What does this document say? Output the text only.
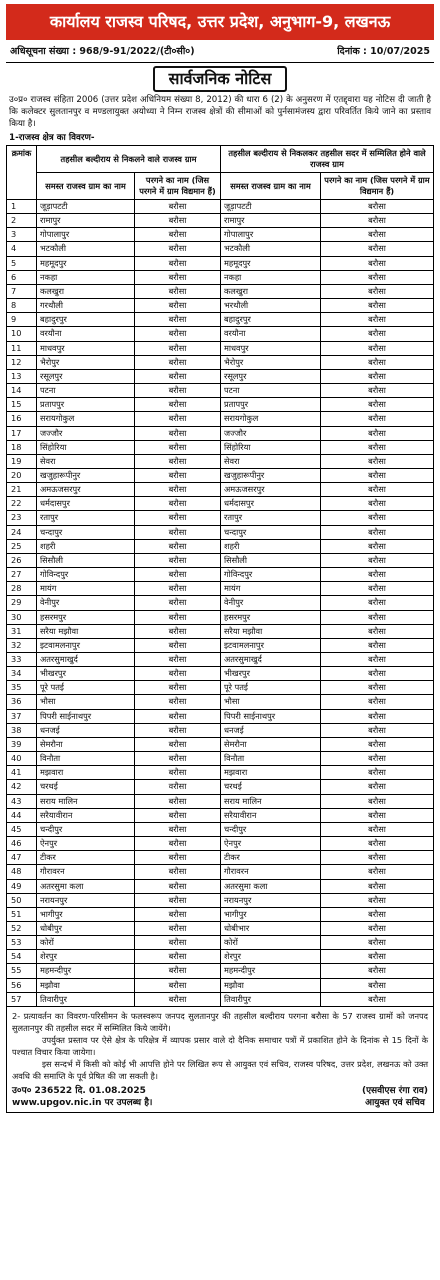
कार्यालय राजस्व परिषद, उत्तर प्रदेश, अनुभाग-9, लखनऊ
अधिसूचना संख्या : 968/9-91/2022/(टी०सी०)	दिनांक : 10/07/2025
सार्वजनिक नोटिस
उ०प्र० राजस्व संहिता 2006 (उत्तर प्रदेश अधिनियम संख्या 8, 2012) की धारा 6 (2) के अनुसरण में एतद्द्वारा यह नोटिस दी जाती है कि कलेक्टर सुलतानपुर व मण्डलायुक्त अयोध्या ने निम्न राजस्व क्षेत्रों की सीमाओं को पुर्नसामंजस्य द्वारा परिवर्तित किये जाने का प्रस्ताव किया है।
1-राजस्व क्षेत्र का विवरण-
क्रमांक	तहसील बल्दीराय से निकलने वाले राजस्व ग्राम		तहसील बल्दीराय से निकलकर तहसील सदर में सम्मिलित होने वाले राजस्व ग्राम	
	समस्त राजस्व ग्राम का नाम	परगने का नाम (जिस परगने में ग्राम विद्यमान हैं)	समस्त राजस्व ग्राम का नाम	परगने का नाम (जिस परगने में ग्राम विद्यमान हैं)
1	जूड़ापटटी	बरौसा	जूड़ापटटी	बरौसा
2	रामापुर	बरौसा	रामापुर	बरौसा
3	गोपालापुर	बरौसा	गोपालापुर	बरौसा
4	भटकौली	बरौसा	भटकौली	बरौसा
5	महमूदपुर	बरौसा	महमूदपुर	बरौसा
6	नकहा	बरौसा	नकहा	बरौसा
7	कलखुरा	बरौसा	कलखुरा	बरौसा
8	गरथौली	बरौसा	भरथौली	बरौसा
9	बहादुरपुर	बरौसा	बहादुरपुर	बरौसा
10	वरयौना	बरौसा	वरयौना	बरौसा
11	माधवपुर	बरौसा	माधवपुर	बरौसा
12	भैरोपुर	बरौसा	भैरोपुर	बरौसा
13	रसूलपुर	बरौसा	रसूलपुर	बरौसा
14	पटना	बरौसा	पटना	बरौसा
15	प्रतापपुर	बरौसा	प्रतापपुर	बरौसा
16	सरायगोकुल	बरौसा	सरायगोकुल	बरौसा
17	जज्जौर	बरौसा	जज्जौर	बरौसा
18	सिंहोरिया	बरौसा	सिंहोरिया	बरौसा
19	सेवरा	बरौसा	सेवरा	बरौसा
20	खजुहारूपीनुर	बरौसा	खजुहारूपीनुर	बरौसा
21	अमऊजसरपुर	बरौसा	अमऊजसरपुर	बरौसा
22	धर्मदासपुर	बरौसा	धर्मदासपुर	बरौसा
23	रतापुर	बरौसा	रतापुर	बरौसा
24	चन्दापुर	बरौसा	चन्दापुर	बरौसा
25	शहरी	बरौसा	शहरी	बरौसा
26	सिसौली	बरौसा	सिसौली	बरौसा
27	गोविन्दपुर	बरौसा	गोविन्दपुर	बरौसा
28	मायंग	बरौसा	मायंग	बरौसा
29	वेनीपुर	बरौसा	वेनीपुर	बरौसा
30	हसरमपुर	बरौसा	हसरमपुर	बरौसा
31	सरैया मझौवा	बरौसा	सरैया मझौवा	बरौसा
32	इटवामलनापुर	बरौसा	इटवामलनापुर	बरौसा
33	अतरसुमाखुर्द	बरौसा	अतरसुमाखुर्द	बरौसा
34	भीखरपुर	बरौसा	भीखरपुर	बरौसा
35	पूरे पतई	बरौसा	पूरे पतई	बरौसा
36	भौसा	बरौसा	भौसा	बरौसा
37	पिपरी साईनाथपुर	बरौसा	पिपरी साईनाथपुर	बरौसा
38	धनजई	बरौसा	धनजई	बरौसा
39	सेमरौना	बरौसा	सेमरौना	बरौसा
40	विनौता	बरौसा	विनौता	बरौसा
41	मझवारा	बरौसा	मझवारा	बरौसा
42	चरथई	वरौसा	चरथई	बरौसा
43	सराय मालिन	बरौसा	सराय मालिन	बरौसा
44	सरैयावीरान	बरौसा	सरैयावीरान	बरौसा
45	चन्दीपुर	बरौसा	चन्दीपुर	बरौसा
46	ऐनपुर	बरौसा	ऐनपुर	बरौसा
47	टीकर	बरौसा	टीकर	बरौसा
48	गौरावरन	बरौसा	गौरावरन	बरौसा
49	अतरसुमा कला	बरौसा	अतरसुमा कला	बरौसा
50	नरायनपुर	बरौसा	नरायनपुर	बरौसा
51	भागीपुर	बरौसा	भागीपुर	बरौसा
52	धोबीपुर	बरौसा	धोबीभार	बरौसा
53	कोरों	बरौसा	कोरों	बरौसा
54	शेरपुर	बरौसा	शेरपुर	बरौसा
55	महमन्दीपुर	बरौसा	महमन्दीपुर	बरौसा
56	मझौवा	बरौसा	मझौवा	बरौसा
57	तिवारीपुर	बरौसा	तिवारीपुर	बरौसा

2- प्रत्यावर्तन का विवरण-परिसीमन के फलस्वरूप जनपद सुलतानपुर की तहसील बल्दीराय परगना बरौसा के 57 राजस्व ग्रामों को जनपद सुलतानपुर की तहसील सदर में सम्मिलित किये जायेंगे।

उपर्युक्त प्रस्ताव पर ऐसे क्षेत्र के परिक्षेत्र में व्यापक प्रसार वाले दो दैनिक समाचार पत्रों में प्रकाशित होने के दिनांक से 15 दिनों के पश्चात विचार किया जायेगा।

इस सन्दर्भ में किसी को कोई भी आपत्ति होने पर लिखित रूप से आयुक्त एवं सचिव, राजस्व परिषद, उत्तर प्रदेश, लखनऊ को उक्त अवधि की समाप्ति के पूर्व प्रेषित की जा सकती है।

उ०प० 236522 दि. 01.08.2025
www.upgov.nic.in पर उपलब्ध है।
(एसवीएस रंगा राव)
आयुक्त एवं सचिव
